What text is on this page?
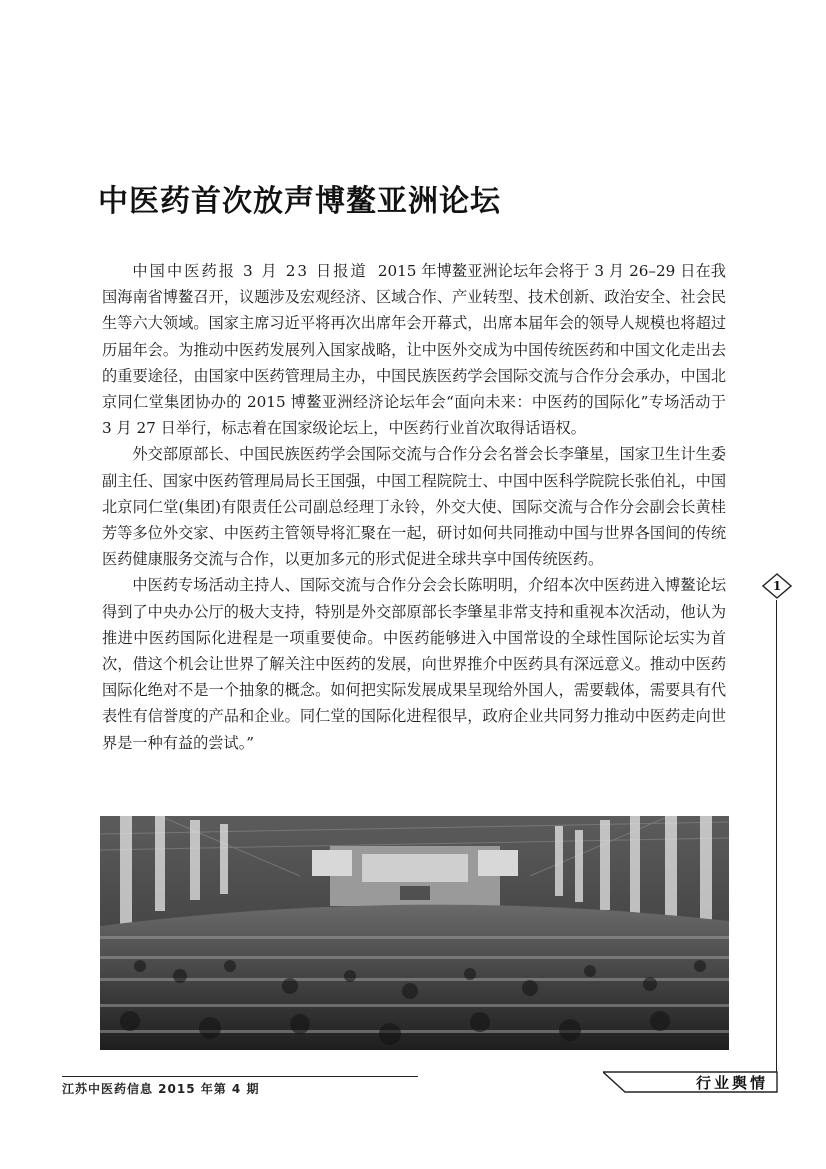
中医药首次放声博鳌亚洲论坛

中国中医药报 3 月 23 日报道 2015 年博鳌亚洲论坛年会将于 3 月 26–29 日在我国海南省博鳌召开，议题涉及宏观经济、区域合作、产业转型、技术创新、政治安全、社会民生等六大领域。国家主席习近平将再次出席年会开幕式，出席本届年会的领导人规模也将超过历届年会。为推动中医药发展列入国家战略，让中医外交成为中国传统医药和中国文化走出去的重要途径，由国家中医药管理局主办，中国民族医药学会国际交流与合作分会承办，中国北京同仁堂集团协办的 2015 博鳌亚洲经济论坛年会“面向未来：中医药的国际化”专场活动于 3 月 27 日举行，标志着在国家级论坛上，中医药行业首次取得话语权。

外交部原部长、中国民族医药学会国际交流与合作分会名誉会长李肇星，国家卫生计生委副主任、国家中医药管理局局长王国强，中国工程院院士、中国中医科学院院长张伯礼，中国北京同仁堂(集团)有限责任公司副总经理丁永铃，外交大使、国际交流与合作分会副会长黄桂芳等多位外交家、中医药主管领导将汇聚在一起，研讨如何共同推动中国与世界各国间的传统医药健康服务交流与合作，以更加多元的形式促进全球共享中国传统医药。

中医药专场活动主持人、国际交流与合作分会会长陈明明，介绍本次中医药进入博鳌论坛得到了中央办公厅的极大支持，特别是外交部原部长李肇星非常支持和重视本次活动，他认为推进中医药国际化进程是一项重要使命。中医药能够进入中国常设的全球性国际论坛实为首次，借这个机会让世界了解关注中医药的发展，向世界推介中医药具有深远意义。推动中医药国际化绝对不是一个抽象的概念。如何把实际发展成果呈现给外国人，需要载体，需要具有代表性有信誉度的产品和企业。同仁堂的国际化进程很早，政府企业共同努力推动中医药走向世界是一种有益的尝试。”

江苏中医药信息 2015 年第 4 期
1
行业舆情
